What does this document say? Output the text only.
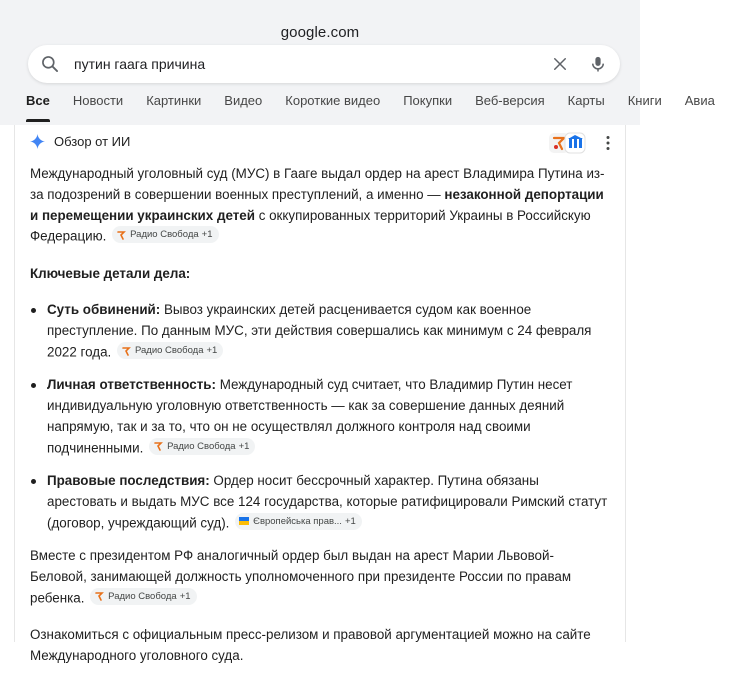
google.com
путин гаага причина
Все Новости Картинки Видео Короткие видео Покупки Веб-версия Карты Книги Авиа
Обзор от ИИ

Международный уголовный суд (МУС) в Гааге выдал ордер на арест Владимира Путина из-за подозрений в совершении военных преступлений, а именно — незаконной депортации и перемещении украинских детей с оккупированных территорий Украины в Российскую Федерацию. Радио Свобода +1

Ключевые детали дела:
Суть обвинений: Вывоз украинских детей расценивается судом как военное преступление. По данным МУС, эти действия совершались как минимум с 24 февраля 2022 года. Радио Свобода +1
Личная ответственность: Международный суд считает, что Владимир Путин несет индивидуальную уголовную ответственность — как за совершение данных деяний напрямую, так и за то, что он не осуществлял должного контроля над своими подчиненными. Радио Свобода +1
Правовые последствия: Ордер носит бессрочный характер. Путина обязаны арестовать и выдать МУС все 124 государства, которые ратифицировали Римский статут (договор, учреждающий суд). Європейська прав... +1

Вместе с президентом РФ аналогичный ордер был выдан на арест Марии Львовой-Беловой, занимающей должность уполномоченного при президенте России по правам ребенка. Радио Свобода +1

Ознакомиться с официальным пресс-релизом и правовой аргументацией можно на сайте Международного уголовного суда.
